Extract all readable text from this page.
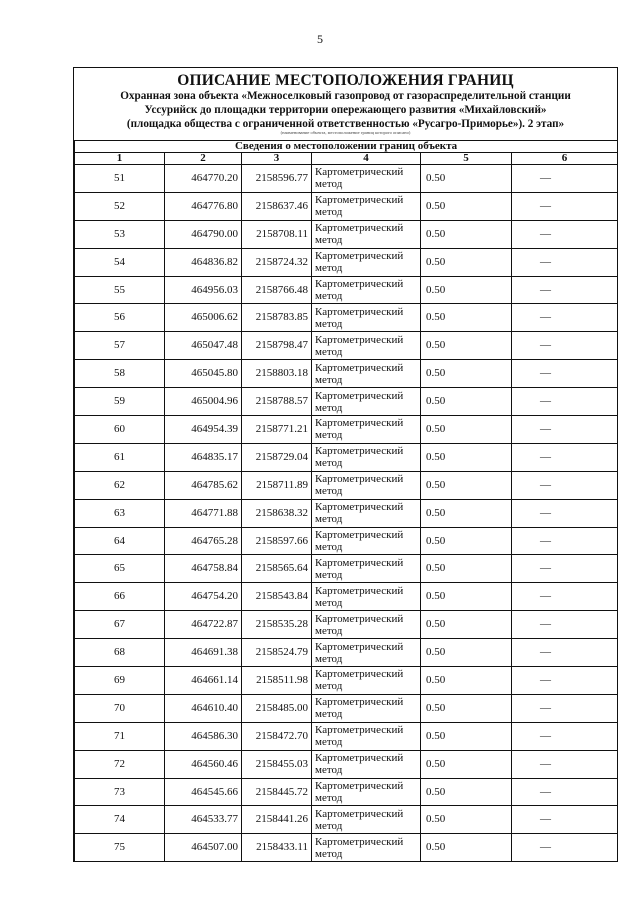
5
ОПИСАНИЕ МЕСТОПОЛОЖЕНИЯ ГРАНИЦ
Охранная зона объекта «Межноселковый газопровод от газораспределительной станции
Уссурийск до площадки территории опережающего развития «Михайловский»
(площадка общества с ограниченной ответственностью «Русагро-Приморье»). 2 этап»
(наименование объекта, местоположение границ которого описано)
Сведения о местоположении границ объекта					
1	2	3	4	5	6
51	464770.20	2158596.77	Картометрический метод	0.50	—
52	464776.80	2158637.46	Картометрический метод	0.50	—
53	464790.00	2158708.11	Картометрический метод	0.50	—
54	464836.82	2158724.32	Картометрический метод	0.50	—
55	464956.03	2158766.48	Картометрический метод	0.50	—
56	465006.62	2158783.85	Картометрический метод	0.50	—
57	465047.48	2158798.47	Картометрический метод	0.50	—
58	465045.80	2158803.18	Картометрический метод	0.50	—
59	465004.96	2158788.57	Картометрический метод	0.50	—
60	464954.39	2158771.21	Картометрический метод	0.50	—
61	464835.17	2158729.04	Картометрический метод	0.50	—
62	464785.62	2158711.89	Картометрический метод	0.50	—
63	464771.88	2158638.32	Картометрический метод	0.50	—
64	464765.28	2158597.66	Картометрический метод	0.50	—
65	464758.84	2158565.64	Картометрический метод	0.50	—
66	464754.20	2158543.84	Картометрический метод	0.50	—
67	464722.87	2158535.28	Картометрический метод	0.50	—
68	464691.38	2158524.79	Картометрический метод	0.50	—
69	464661.14	2158511.98	Картометрический метод	0.50	—
70	464610.40	2158485.00	Картометрический метод	0.50	—
71	464586.30	2158472.70	Картометрический метод	0.50	—
72	464560.46	2158455.03	Картометрический метод	0.50	—
73	464545.66	2158445.72	Картометрический метод	0.50	—
74	464533.77	2158441.26	Картометрический метод	0.50	—
75	464507.00	2158433.11	Картометрический метод	0.50	—
